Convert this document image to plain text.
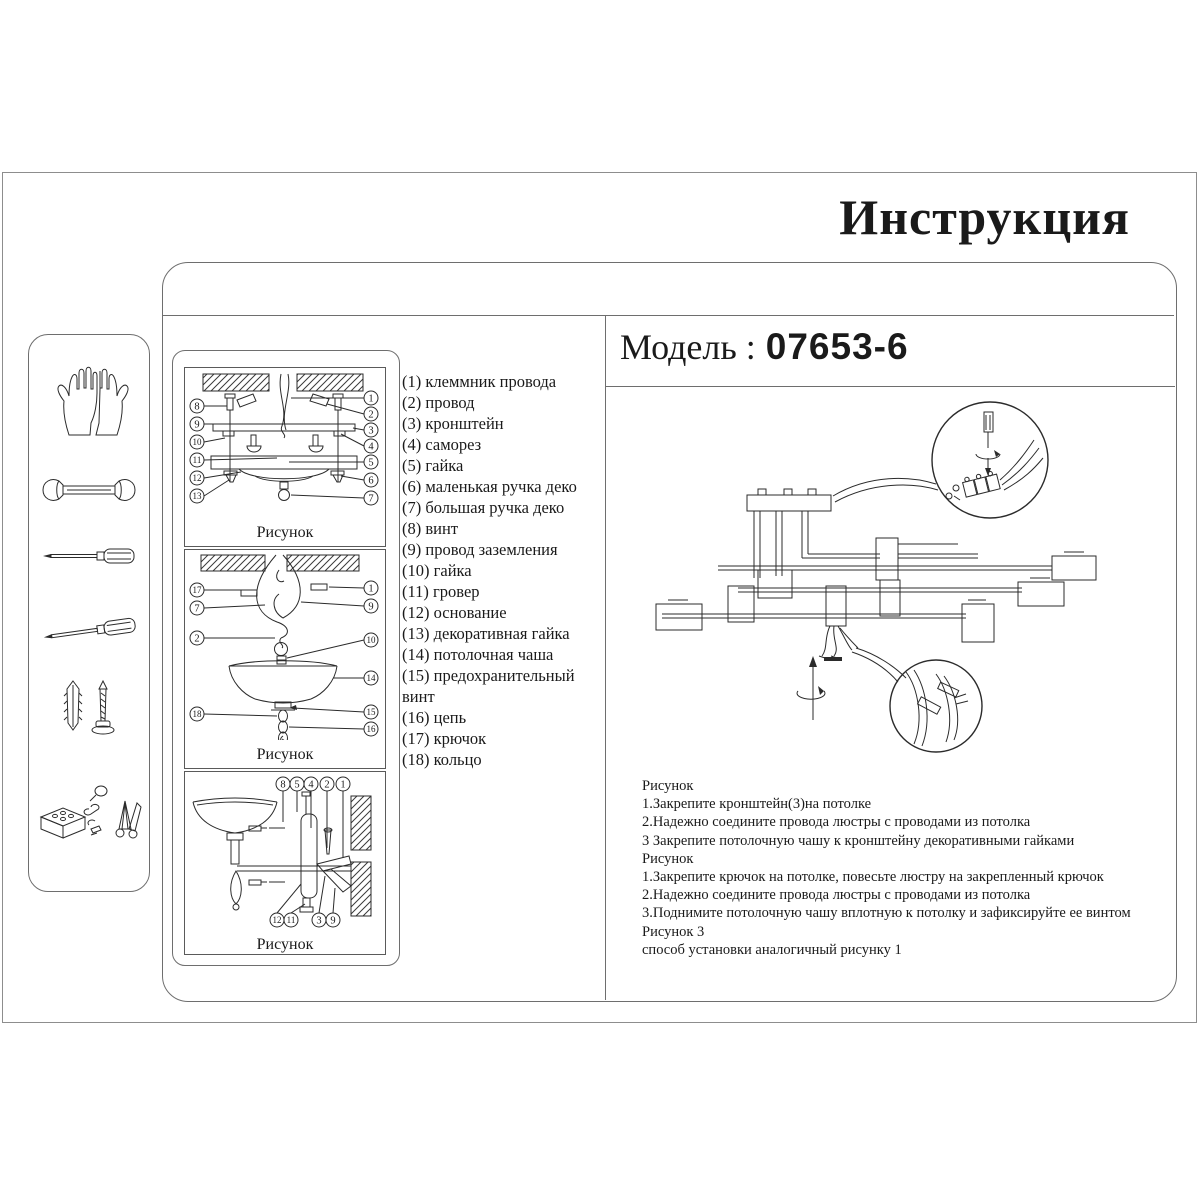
Инструкция
8
9
10
11
12
13
1
2
3
4
5
6
7
Рисунок
17
7
2
18
1
9
10
14
15
16
Рисунок
8 5 4 2 1
12 11 3 9
Рисунок
(1) клеммник провода
(2) провод
(3) кронштейн
(4) саморез
(5) гайка
(6) маленькая ручка деко
(7) большая ручка деко
(8) винт
(9) провод заземления
(10) гайка
(11) гровер
(12) основание
(13) декоративная гайка
(14) потолочная чаша
(15) предохранительный винт
(16) цепь
(17) крючок
(18) кольцо
Модель : 07653-6
Рисунок
1.Закрепите кронштейн(3)на потолке
2.Надежно соедините провода люстры с проводами из потолка
3 Закрепите потолочную чашу к кронштейну декоративными гайками
Рисунок
1.Закрепите крючок на потолке, повесьте люстру на закрепленный крючок
2.Надежно соедините провода люстры с проводами из потолка
3.Поднимите потолочную чашу вплотную к потолку и зафиксируйте ее винтом
Рисунок 3
способ установки аналогичный рисунку 1
